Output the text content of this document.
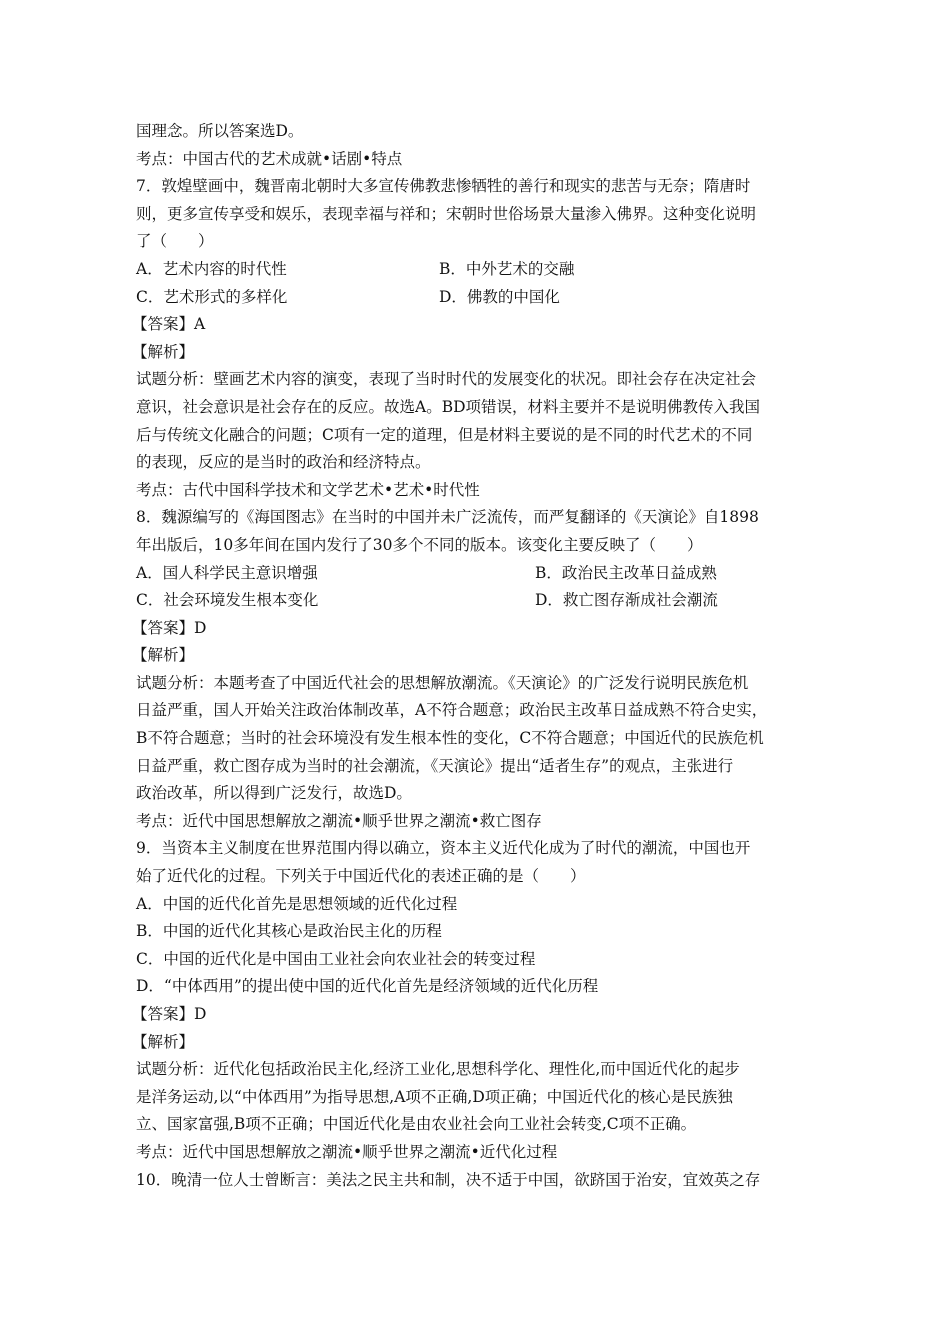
国理念。所以答案选D。
考点：中国古代的艺术成就•话剧•特点
7．敦煌壁画中，魏晋南北朝时大多宣传佛教悲惨牺牲的善行和现实的悲苦与无奈；隋唐时
则，更多宣传享受和娱乐，表现幸福与祥和；宋朝时世俗场景大量渗入佛界。这种变化说明
了（　　）
A．艺术内容的时代性	B．中外艺术的交融
C．艺术形式的多样化	D．佛教的中国化
【答案】A
【解析】
试题分析：壁画艺术内容的演变，表现了当时时代的发展变化的状况。即社会存在决定社会
意识，社会意识是社会存在的反应。故选A。BD项错误，材料主要并不是说明佛教传入我国
后与传统文化融合的问题；C项有一定的道理，但是材料主要说的是不同的时代艺术的不同
的表现，反应的是当时的政治和经济特点。
考点：古代中国科学技术和文学艺术•艺术•时代性
8．魏源编写的《海国图志》在当时的中国并未广泛流传，而严复翻译的《天演论》自1898
年出版后，10多年间在国内发行了30多个不同的版本。该变化主要反映了（　　）
A．国人科学民主意识增强	B．政治民主改革日益成熟
C．社会环境发生根本变化	D．救亡图存渐成社会潮流
【答案】D
【解析】
试题分析：本题考查了中国近代社会的思想解放潮流。《天演论》的广泛发行说明民族危机
日益严重，国人开始关注政治体制改革，A不符合题意；政治民主改革日益成熟不符合史实，
B不符合题意；当时的社会环境没有发生根本性的变化，C不符合题意；中国近代的民族危机
日益严重，救亡图存成为当时的社会潮流，《天演论》提出“适者生存”的观点，主张进行
政治改革，所以得到广泛发行，故选D。
考点：近代中国思想解放之潮流•顺乎世界之潮流•救亡图存
9．当资本主义制度在世界范围内得以确立，资本主义近代化成为了时代的潮流，中国也开
始了近代化的过程。下列关于中国近代化的表述正确的是（　　）
A．中国的近代化首先是思想领域的近代化过程
B．中国的近代化其核心是政治民主化的历程
C．中国的近代化是中国由工业社会向农业社会的转变过程
D．“中体西用”的提出使中国的近代化首先是经济领域的近代化历程
【答案】D
【解析】
试题分析：近代化包括政治民主化,经济工业化,思想科学化、理性化,而中国近代化的起步
是洋务运动,以“中体西用”为指导思想,A项不正确,D项正确；中国近代化的核心是民族独
立、国家富强,B项不正确；中国近代化是由农业社会向工业社会转变,C项不正确。
考点：近代中国思想解放之潮流•顺乎世界之潮流•近代化过程
10．晚清一位人士曾断言：美法之民主共和制，决不适于中国，欲跻国于治安，宜效英之存
